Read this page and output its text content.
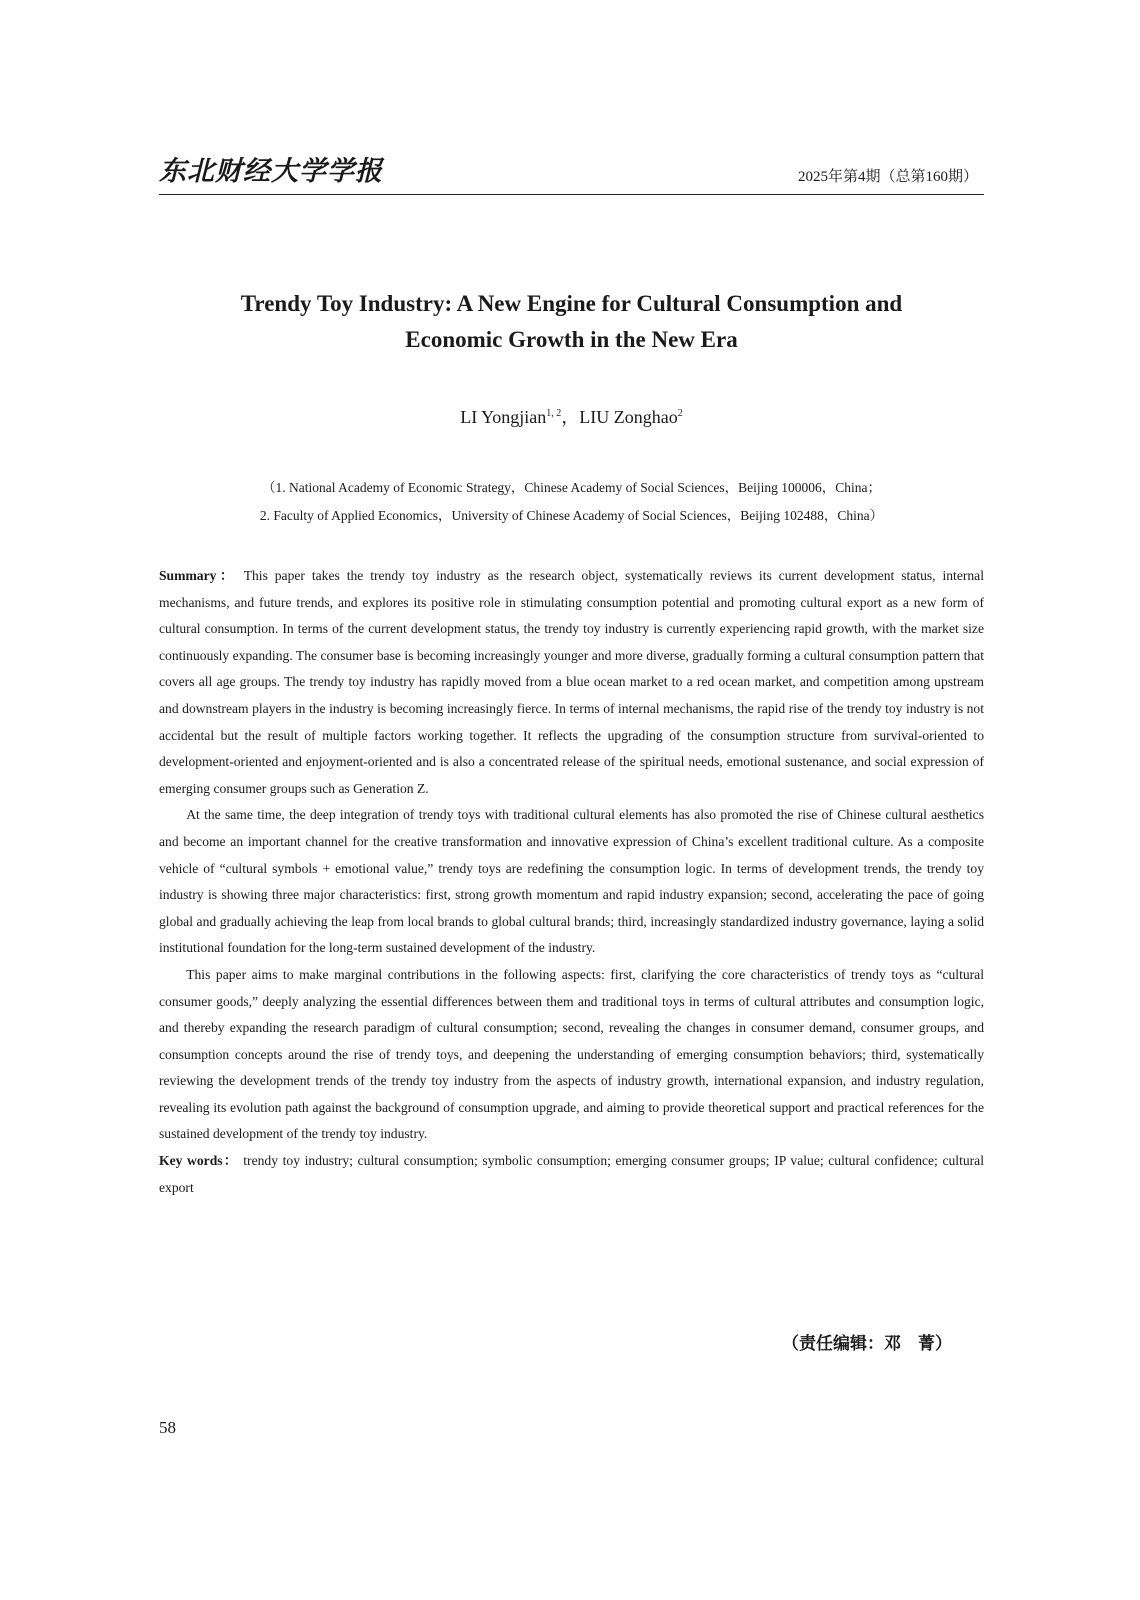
东北财经大学学报	2025年第4期（总第160期）
Trendy Toy Industry: A New Engine for Cultural Consumption and
Economic Growth in the New Era
LI Yongjian$^{1, 2}$，LIU Zonghao$^2$
（1. National Academy of Economic Strategy，Chinese Academy of Social Sciences，Beijing 100006，China；
2. Faculty of Applied Economics，University of Chinese Academy of Social Sciences，Beijing 102488，China）

Summary： This paper takes the trendy toy industry as the research object, systematically reviews its current development status, internal mechanisms, and future trends, and explores its positive role in stimulating consumption potential and promoting cultural export as a new form of cultural consumption. In terms of the current development status, the trendy toy industry is currently experiencing rapid growth, with the market size continuously expanding. The consumer base is becoming increasingly younger and more diverse, gradually forming a cultural consumption pattern that covers all age groups. The trendy toy industry has rapidly moved from a blue ocean market to a red ocean market, and competition among upstream and downstream players in the industry is becoming increasingly fierce. In terms of internal mechanisms, the rapid rise of the trendy toy industry is not accidental but the result of multiple factors working together. It reflects the upgrading of the consumption structure from survival-oriented to development-oriented and enjoyment-oriented and is also a concentrated release of the spiritual needs, emotional sustenance, and social expression of emerging consumer groups such as Generation Z.

At the same time, the deep integration of trendy toys with traditional cultural elements has also promoted the rise of Chinese cultural aesthetics and become an important channel for the creative transformation and innovative expression of China’s excellent traditional culture. As a composite vehicle of “cultural symbols + emotional value,” trendy toys are redefining the consumption logic. In terms of development trends, the trendy toy industry is showing three major characteristics: first, strong growth momentum and rapid industry expansion; second, accelerating the pace of going global and gradually achieving the leap from local brands to global cultural brands; third, increasingly standardized industry governance, laying a solid institutional foundation for the long-term sustained development of the industry.

This paper aims to make marginal contributions in the following aspects: first, clarifying the core characteristics of trendy toys as “cultural consumer goods,” deeply analyzing the essential differences between them and traditional toys in terms of cultural attributes and consumption logic, and thereby expanding the research paradigm of cultural consumption; second, revealing the changes in consumer demand, consumer groups, and consumption concepts around the rise of trendy toys, and deepening the understanding of emerging consumption behaviors; third, systematically reviewing the development trends of the trendy toy industry from the aspects of industry growth, international expansion, and industry regulation, revealing its evolution path against the background of consumption upgrade, and aiming to provide theoretical support and practical references for the sustained development of the trendy toy industry.

Key words： trendy toy industry; cultural consumption; symbolic consumption; emerging consumer groups; IP value; cultural confidence; cultural export

（责任编辑：邓　菁）
58
